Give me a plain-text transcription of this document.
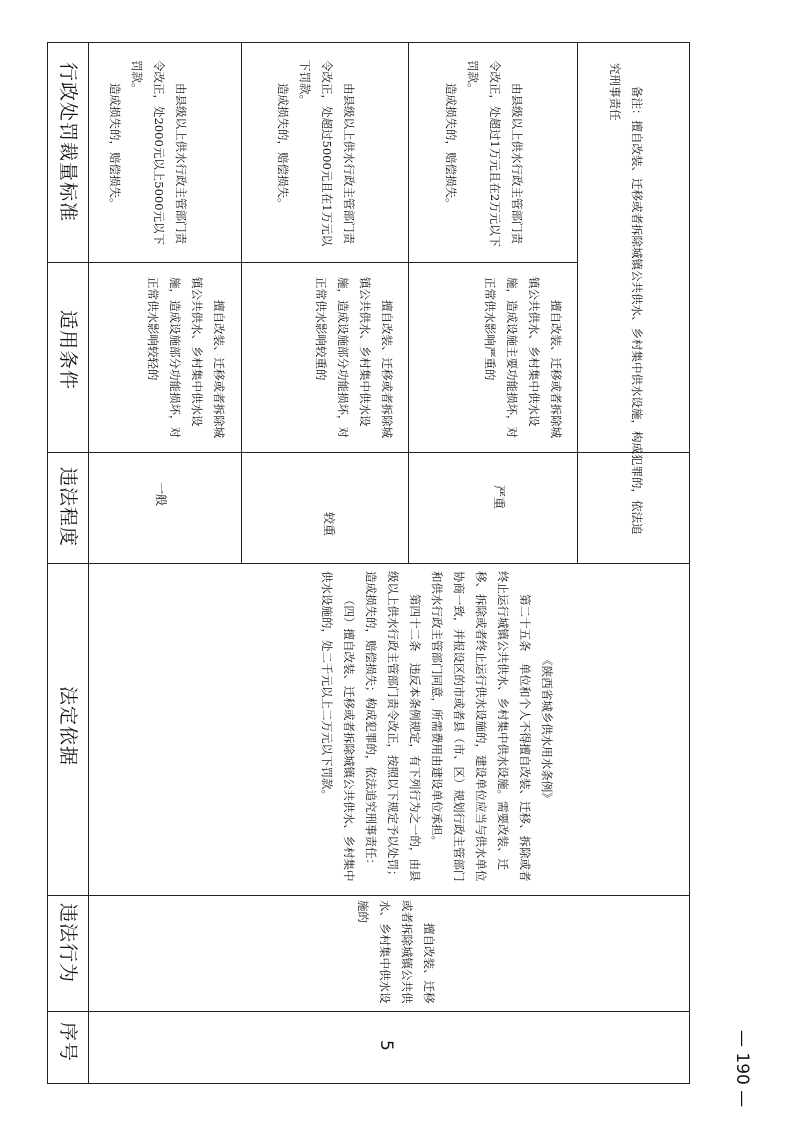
序号
违法行为
法定依据
违法程度
适用条件
行政处罚裁量标准
5

擅自改装、迁移或者拆除城镇公共供水、乡村集中供水设施的

《陕西省城乡供水用水条例》

第二十五条　单位和个人不得擅自改装、迁移、拆除或者终止运行城镇公共供水、乡村集中供水设施。需要改装、迁移、拆除或者终止运行供水设施的，建设单位应当与供水单位协商一致，并报设区的市或者县（市、区）规划行政主管部门和供水行政主管部门同意，所需费用由建设单位承担。

第四十二条　违反本条例规定，有下列行为之一的，由县级以上供水行政主管部门责令改正，按照以下规定予以处罚；造成损失的，赔偿损失；构成犯罪的，依法追究刑事责任：

（四）擅自改装、迁移或者拆除城镇公共供水、乡村集中供水设施的，处二千元以上二万元以下罚款。

一般

擅自改装、迁移或者拆除城镇公共供水、乡村集中供水设施，造成设施部分功能损坏，对正常供水影响较轻的

由县级以上供水行政主管部门责令改正，处2000元以上5000元以下罚款。

造成损失的，赔偿损失。

较重

擅自改装、迁移或者拆除城镇公共供水、乡村集中供水设施，造成设施部分功能损坏，对正常供水影响较重的

由县级以上供水行政主管部门责令改正，处超过5000元且在1万元以下罚款。

造成损失的，赔偿损失。

严重

擅自改装、迁移或者拆除城镇公共供水、乡村集中供水设施，造成设施主要功能损坏，对正常供水影响严重的

由县级以上供水行政主管部门责令改正，处超过1万元且在2万元以下罚款。

造成损失的，赔偿损失。	备注：擅自改装、迁移或者拆除城镇公共供水、乡村集中供水设施，构成犯罪的，依法追究刑事责任

— 190 —
